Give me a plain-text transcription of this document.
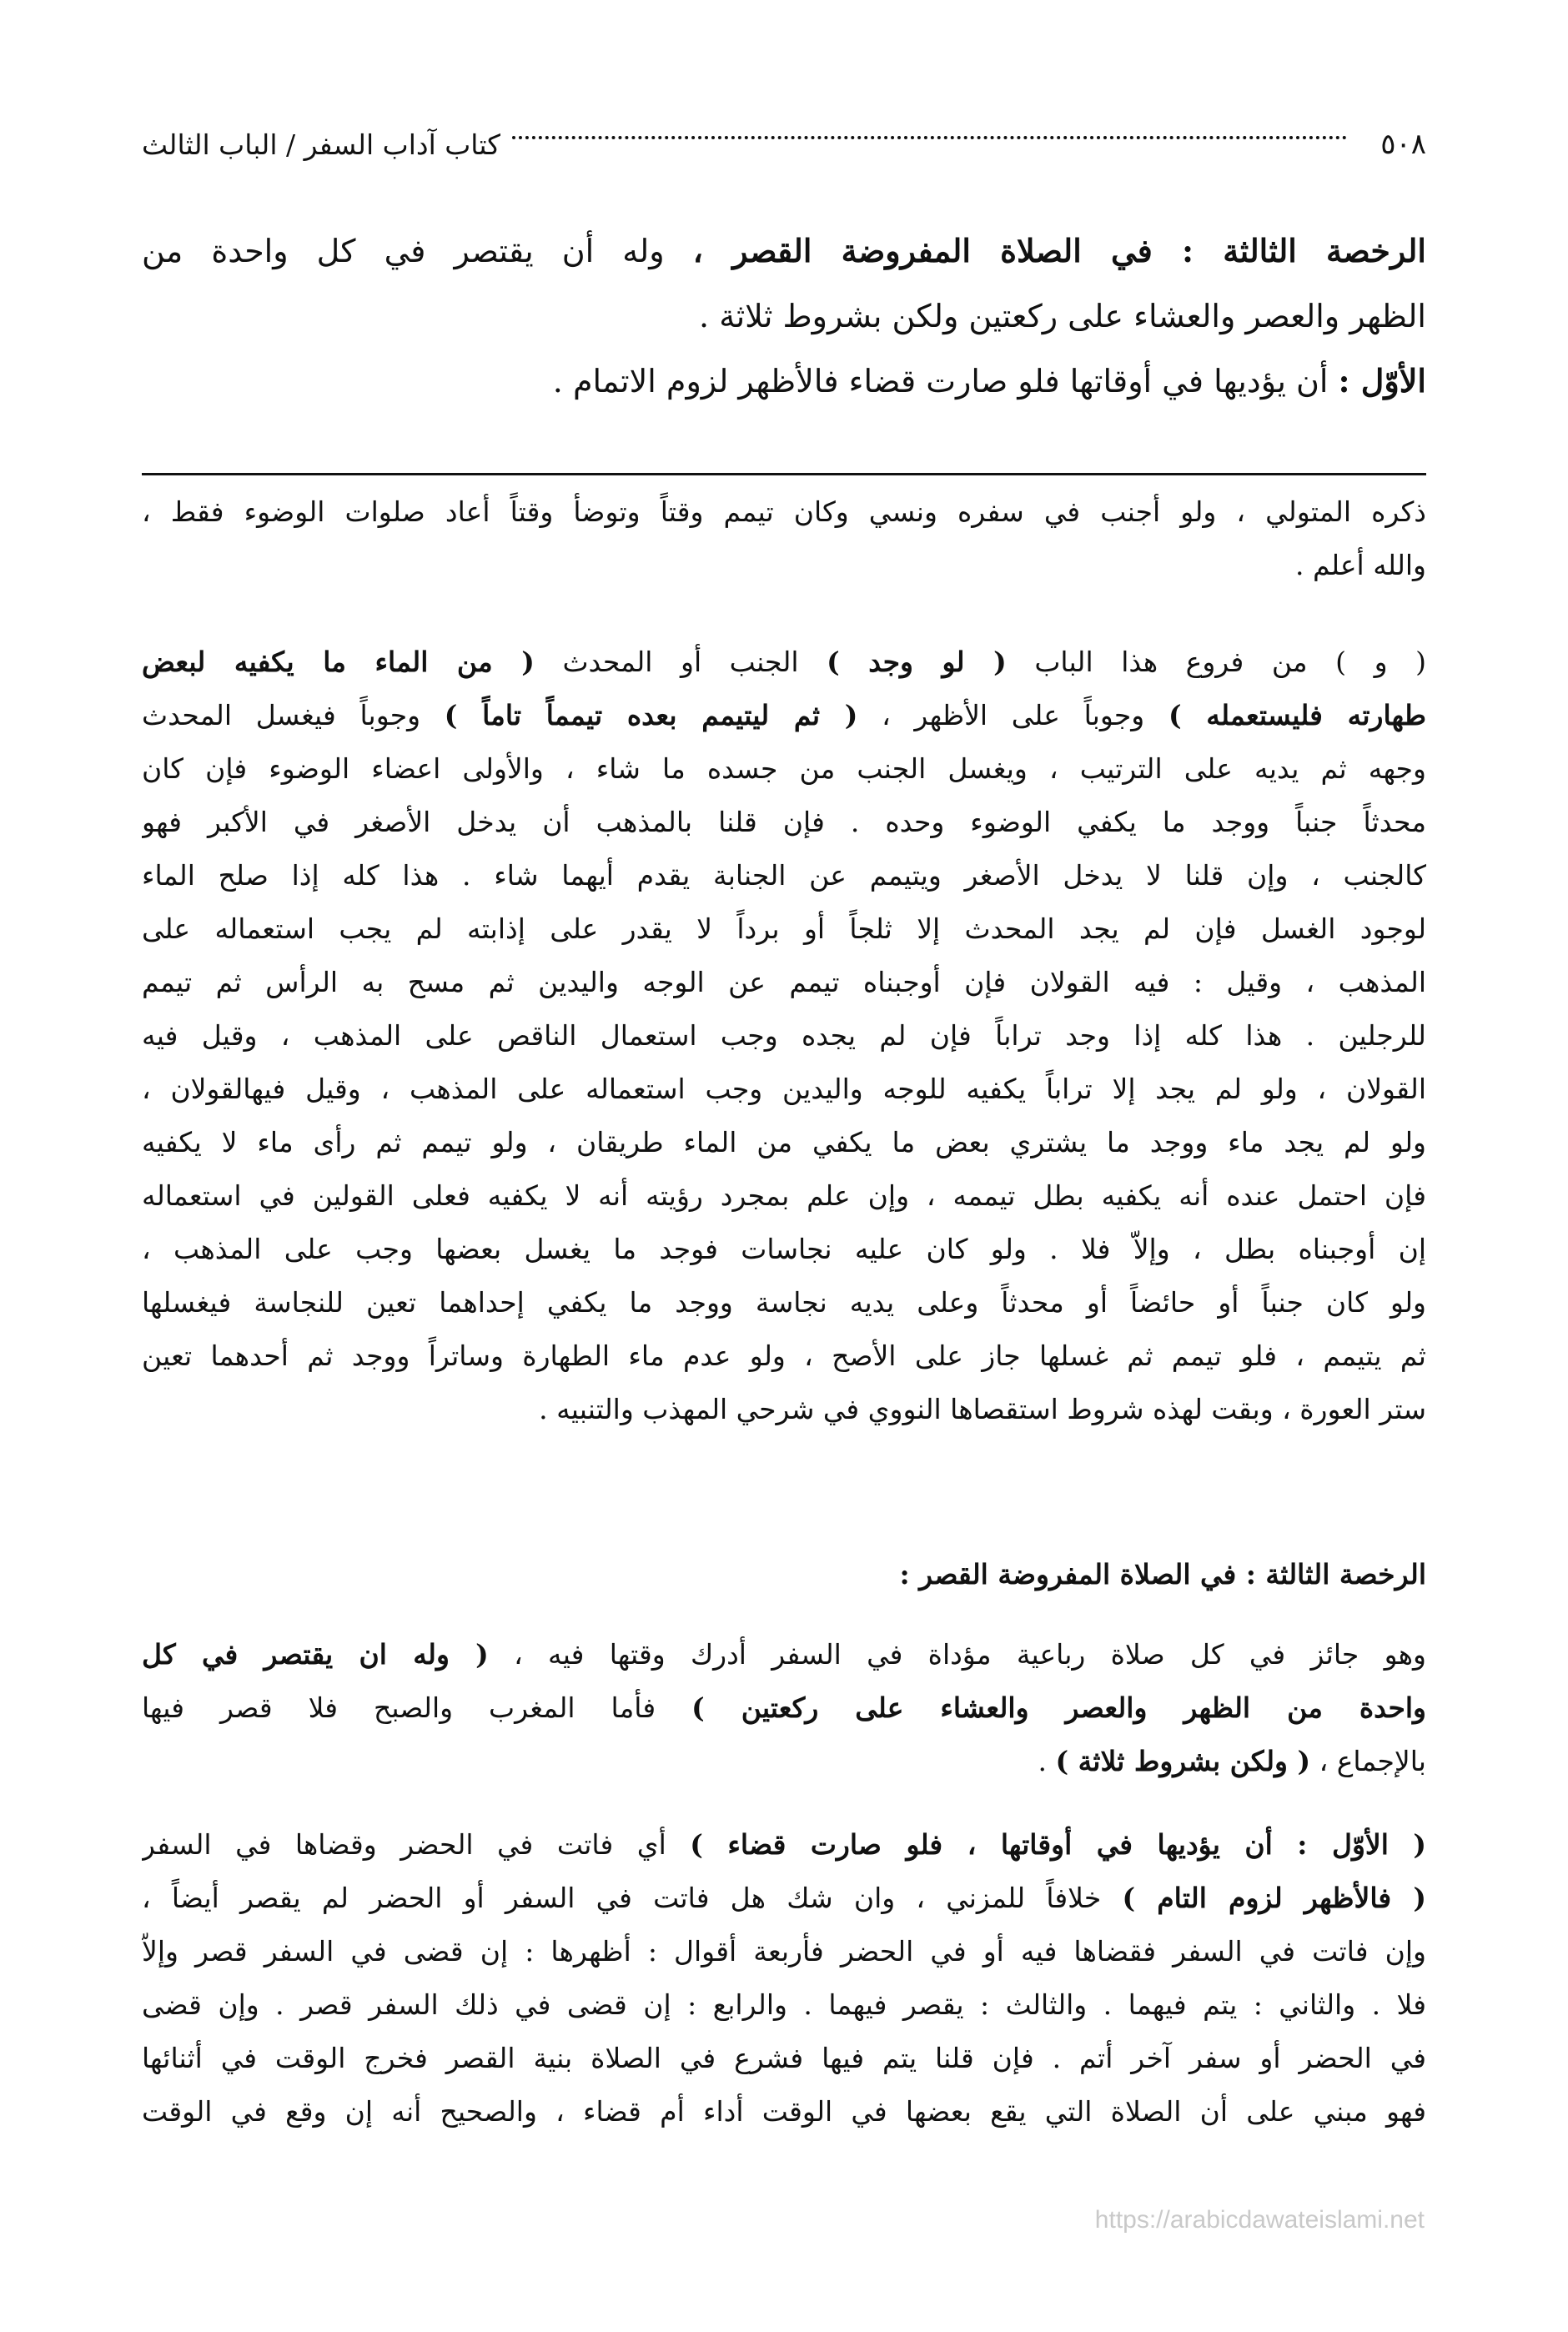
٥٠٨
كتاب آداب السفر / الباب الثالث
الرخصة الثالثة : في الصلاة المفروضة القصر ، وله أن يقتصر في كل واحدة من
الظهر والعصر والعشاء على ركعتين ولكن بشروط ثلاثة .
الأوّل : أن يؤديها في أوقاتها فلو صارت قضاء فالأظهر لزوم الاتمام .
ذكره المتولي ، ولو أجنب في سفره ونسي وكان تيمم وقتاً وتوضأ وقتاً أعاد صلوات الوضوء فقط ،
والله أعلم .
( و ) من فروع هذا الباب ( لو وجد ) الجنب أو المحدث ( من الماء ما يكفيه لبعض
طهارته فليستعمله ) وجوباً على الأظهر ، ( ثم ليتيمم بعده تيمماً تاماً ) وجوباً فيغسل المحدث
وجهه ثم يديه على الترتيب ، ويغسل الجنب من جسده ما شاء ، والأولى اعضاء الوضوء فإن كان
محدثاً جنباً ووجد ما يكفي الوضوء وحده . فإن قلنا بالمذهب أن يدخل الأصغر في الأكبر فهو
كالجنب ، وإن قلنا لا يدخل الأصغر ويتيمم عن الجنابة يقدم أيهما شاء . هذا كله إذا صلح الماء
لوجود الغسل فإن لم يجد المحدث إلا ثلجاً أو برداً لا يقدر على إذابته لم يجب استعماله على
المذهب ، وقيل : فيه القولان فإن أوجبناه تيمم عن الوجه واليدين ثم مسح به الرأس ثم تيمم
للرجلين . هذا كله إذا وجد تراباً فإن لم يجده وجب استعمال الناقص على المذهب ، وقيل فيه
القولان ، ولو لم يجد إلا تراباً يكفيه للوجه واليدين وجب استعماله على المذهب ، وقيل فيهالقولان ،
ولو لم يجد ماء ووجد ما يشتري بعض ما يكفي من الماء طريقان ، ولو تيمم ثم رأى ماء لا يكفيه
فإن احتمل عنده أنه يكفيه بطل تيممه ، وإن علم بمجرد رؤيته أنه لا يكفيه فعلى القولين في استعماله
إن أوجبناه بطل ، وإلاّ فلا . ولو كان عليه نجاسات فوجد ما يغسل بعضها وجب على المذهب ،
ولو كان جنباً أو حائضاً أو محدثاً وعلى يديه نجاسة ووجد ما يكفي إحداهما تعين للنجاسة فيغسلها
ثم يتيمم ، فلو تيمم ثم غسلها جاز على الأصح ، ولو عدم ماء الطهارة وساتراً ووجد ثم أحدهما تعين
ستر العورة ، وبقت لهذه شروط استقصاها النووي في شرحي المهذب والتنبيه .
الرخصة الثالثة : في الصلاة المفروضة القصر :
وهو جائز في كل صلاة رباعية مؤداة في السفر أدرك وقتها فيه ، ( وله ان يقتصر في كل
واحدة من الظهر والعصر والعشاء على ركعتين ) فأما المغرب والصبح فلا قصر فيها
بالإجماع ، ( ولكن بشروط ثلاثة ) .
( الأوّل : أن يؤديها في أوقاتها ، فلو صارت قضاء ) أي فاتت في الحضر وقضاها في السفر
( فالأظهر لزوم التام ) خلافاً للمزني ، وان شك هل فاتت في السفر أو الحضر لم يقصر أيضاً ،
وإن فاتت في السفر فقضاها فيه أو في الحضر فأربعة أقوال : أظهرها : إن قضى في السفر قصر وإلاّ
فلا . والثاني : يتم فيهما . والثالث : يقصر فيهما . والرابع : إن قضى في ذلك السفر قصر . وإن قضى
في الحضر أو سفر آخر أتم . فإن قلنا يتم فيها فشرع في الصلاة بنية القصر فخرج الوقت في أثنائها
فهو مبني على أن الصلاة التي يقع بعضها في الوقت أداء أم قضاء ، والصحيح أنه إن وقع في الوقت
https://arabicdawateislami.net
